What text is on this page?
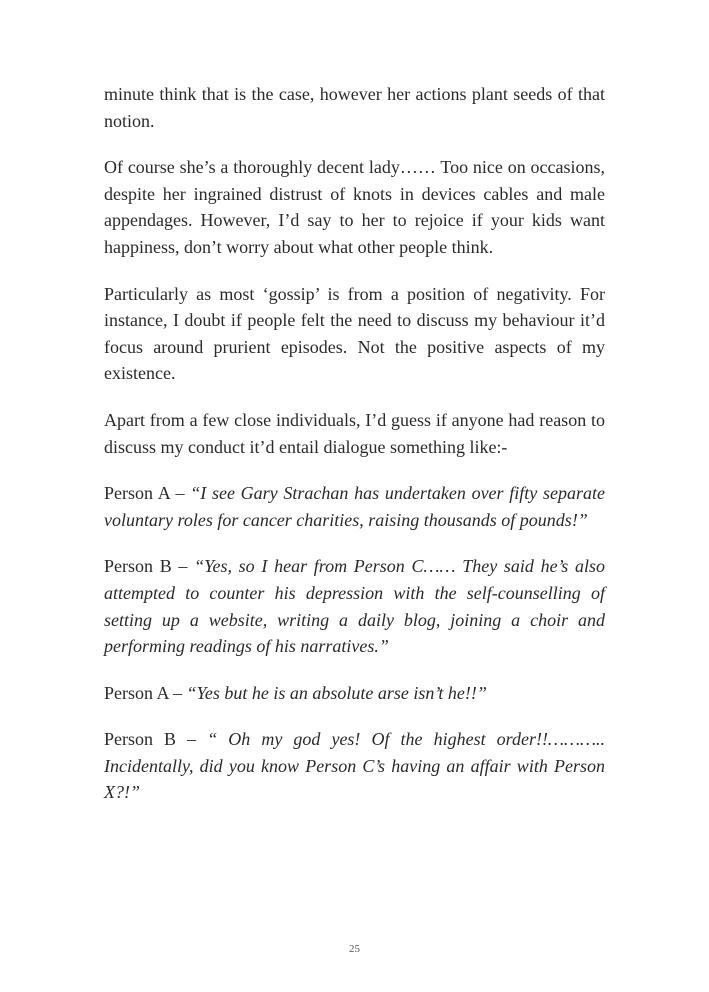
minute think that is the case, however her actions plant seeds of that notion.

Of course she’s a thoroughly decent lady…… Too nice on occasions, despite her ingrained distrust of knots in devices cables and male appendages. However, I’d say to her to rejoice if your kids want happiness, don’t worry about what other people think.

Particularly as most ‘gossip’ is from a position of negativity. For instance, I doubt if people felt the need to discuss my behaviour it’d focus around prurient episodes. Not the positive aspects of my existence.

Apart from a few close individuals, I’d guess if anyone had reason to discuss my conduct it’d entail dialogue something like:-

Person A – “I see Gary Strachan has undertaken over fifty separate voluntary roles for cancer charities, raising thousands of pounds!”

Person B – “Yes, so I hear from Person C…… They said he’s also attempted to counter his depression with the self-counselling of setting up a website, writing a daily blog, joining a choir and performing readings of his narratives.”

Person A – “Yes but he is an absolute arse isn’t he!!”

Person B – “ Oh my god yes! Of the highest order!!……….. Incidentally, did you know Person C’s having an affair with Person X?!”

25
